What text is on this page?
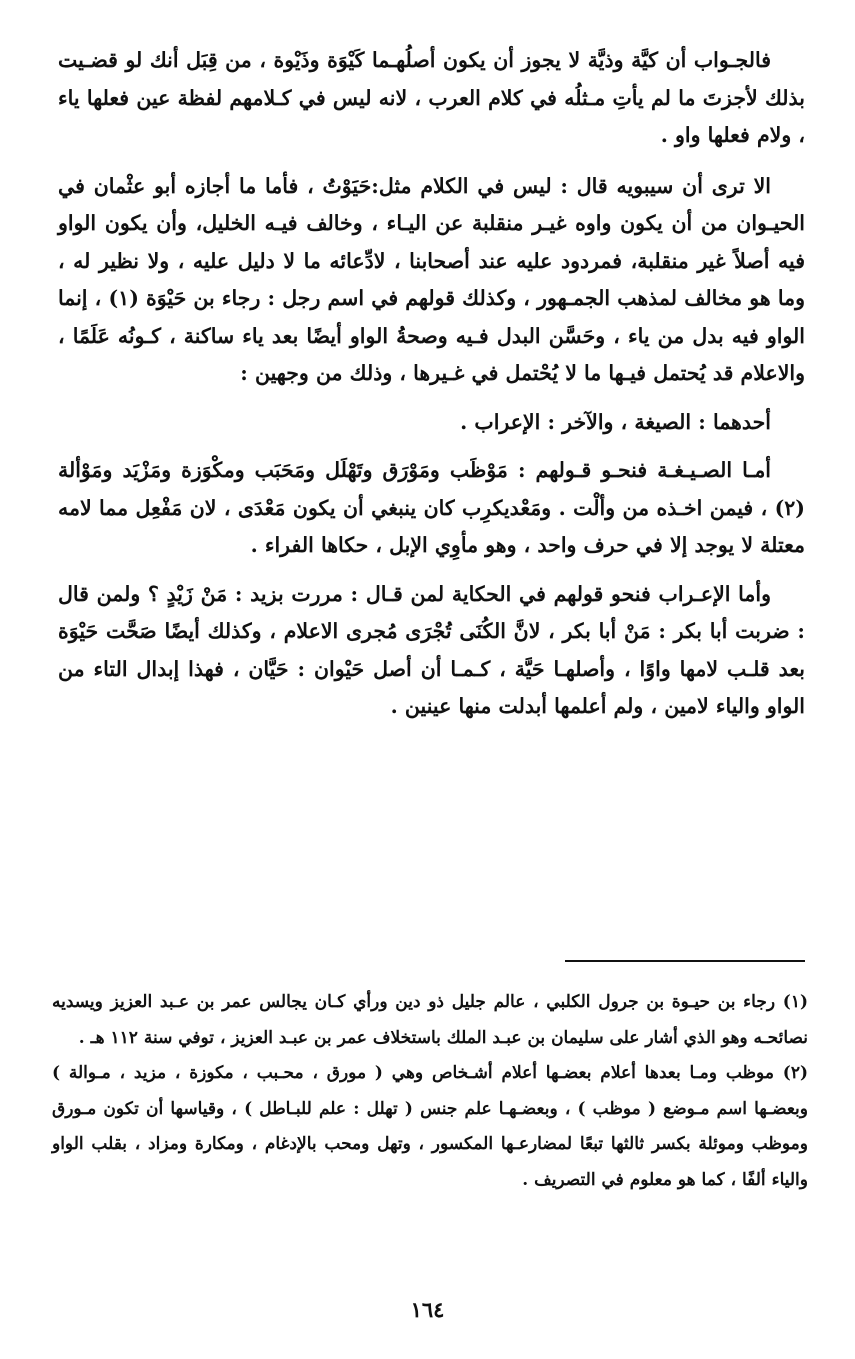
فالجـواب أن كيَّة وذيَّة لا يجوز أن يكون أصلُهـما كَيْوَة وذَيْوة ، من قِبَل أنك لو قضـيت بذلك لأجزتَ ما لم يأتِ مـثلُه في كلام العرب ، لانه ليس في كـلامهم لفظة عين فعلها ياء ، ولام فعلها واو .

الا ترى أن سيبويه قال : ليس في الكلام مثل:حَيَوْتُ ، فأما ما أجازه أبو عثْمان في الحيـوان من أن يكون واوه غيـر منقلبة عن اليـاء ، وخالف فيـه الخليل، وأن يكون الواو فيه أصلاً غير منقلبة، فمردود عليه عند أصحابنا ، لادِّعائه ما لا دليل عليه ، ولا نظير له ، وما هو مخالف لمذهب الجمـهور ، وكذلك قولهم في اسم رجل : رجاء بن حَيْوَة (١) ، إنما الواو فيه بدل من ياء ، وحَسَّن البدل فـيه وصحةُ الواو أيضًا بعد ياء ساكنة ، كـونُه عَلَمًا ، والاعلام قد يُحتمل فيـها ما لا يُحْتمل في غـيرها ، وذلك من وجهين :

أحدهما : الصيغة ، والآخر : الإعراب .

أمـا الصـيـغـة فنحـو قـولهم : مَوْظَب ومَوْرَق وتَهْلَل ومَحَبَب ومكْوَزة ومَزْيَد ومَوْألة (٢) ، فيمن اخـذه من وألْت . ومَعْديكرِب كان ينبغي أن يكون مَعْدَى ، لان مَفْعِل مما لامه معتلة لا يوجد إلا في حرف واحد ، وهو مأوِي الإبل ، حكاها الفراء .

وأما الإعـراب فنحو قولهم في الحكاية لمن قـال : مررت بزيد : مَنْ زَيْدٍ ؟ ولمن قال : ضربت أبا بكر : مَنْ أبا بكر ، لانَّ الكُنَى تُجْرَى مُجرى الاعلام ، وكذلك أيضًا صَحَّت حَيْوَة بعد قلـب لامها واوًا ، وأصلهـا حَيَّة ، كـمـا أن أصل حَيْوان : حَيَّان ، فهذا إبدال التاء من الواو والياء لامين ، ولم أعلمها أبدلت منها عينين .

(١) رجاء بن حيـوة بن جرول الكلبي ، عالم جليل ذو دين ورأي كـان يجالس عمر بن عـبد العزيز ويسديه نصائحـه وهو الذي أشار على سليمان بن عبـد الملك باستخلاف عمر بن عبـد العزيز ، توفي سنة ١١٢ هـ .

(٢) موظب ومـا بعدها أعلام بعضـها أعلام أشـخاص وهي ( مورق ، محـبب ، مكوزة ، مزيد ، مـوالة ) وبعضـها اسم مـوضع ( موظب ) ، وبعضـهـا علم جنس ( تهلل : علم للبـاطل ) ، وقياسها أن تكون مـورق وموظب وموئلة بكسر ثالثها تبعًا لمضارعـها المكسور ، وتهل ومحب بالإدغام ، ومكارة ومزاد ، بقلب الواو والياء ألفًا ، كما هو معلوم في التصريف .

١٦٤
